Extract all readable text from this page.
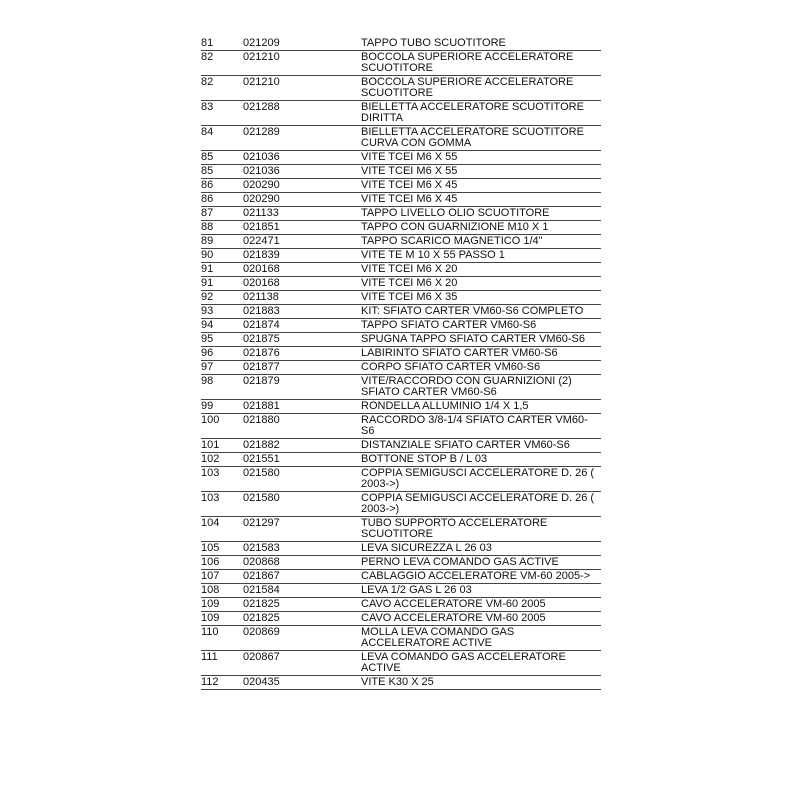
81	021209	TAPPO TUBO SCUOTITORE
82	021210	BOCCOLA SUPERIORE ACCELERATORE SCUOTITORE
82	021210	BOCCOLA SUPERIORE ACCELERATORE SCUOTITORE
83	021288	BIELLETTA ACCELERATORE SCUOTITORE DIRITTA
84	021289	BIELLETTA ACCELERATORE SCUOTITORE CURVA CON GOMMA
85	021036	VITE TCEI M6 X 55
85	021036	VITE TCEI M6 X 55
86	020290	VITE TCEI M6 X 45
86	020290	VITE TCEI M6 X 45
87	021133	TAPPO LIVELLO OLIO SCUOTITORE
88	021851	TAPPO CON GUARNIZIONE M10 X 1
89	022471	TAPPO SCARICO MAGNETICO 1/4"
90	021839	VITE TE M 10 X 55 PASSO 1
91	020168	VITE TCEI M6 X 20
91	020168	VITE TCEI M6 X 20
92	021138	VITE TCEI M6 X 35
93	021883	KIT: SFIATO CARTER VM60-S6 COMPLETO
94	021874	TAPPO SFIATO CARTER VM60-S6
95	021875	SPUGNA TAPPO SFIATO CARTER VM60-S6
96	021876	LABIRINTO SFIATO CARTER VM60-S6
97	021877	CORPO SFIATO CARTER VM60-S6
98	021879	VITE/RACCORDO CON GUARNIZIONI (2) SFIATO CARTER VM60-S6
99	021881	RONDELLA ALLUMINIO 1/4 X 1,5
100	021880	RACCORDO 3/8-1/4 SFIATO CARTER VM60-S6
101	021882	DISTANZIALE SFIATO CARTER VM60-S6
102	021551	BOTTONE STOP B / L 03
103	021580	COPPIA SEMIGUSCI ACCELERATORE D. 26 ( 2003->)
103	021580	COPPIA SEMIGUSCI ACCELERATORE D. 26 ( 2003->)
104	021297	TUBO SUPPORTO ACCELERATORE SCUOTITORE
105	021583	LEVA SICUREZZA L 26 03
106	020868	PERNO LEVA COMANDO GAS ACTIVE
107	021867	CABLAGGIO ACCELERATORE VM-60 2005->
108	021584	LEVA 1/2 GAS L 26 03
109	021825	CAVO ACCELERATORE VM-60 2005
109	021825	CAVO ACCELERATORE VM-60 2005
110	020869	MOLLA LEVA COMANDO GAS ACCELERATORE ACTIVE
111	020867	LEVA COMANDO GAS ACCELERATORE ACTIVE
112	020435	VITE K30 X 25
